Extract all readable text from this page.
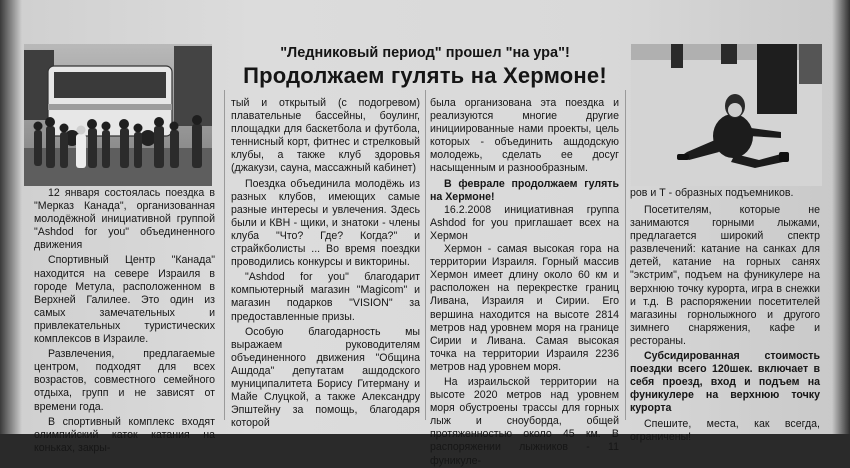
"Ледниковый период" прошел "на ура"!
Продолжаем гулять на Хермоне!

12 января состоялась поездка в "Мерказ Канада", организованная молодёжной инициативной группой "Ashdod for you" объединенного движения

Спортивный Центр "Канада" находится на севере Израиля в городе Метула, расположенном в Верхней Галилее. Это один из самых замечательных и привлекательных туристических комплексов в Израиле.

Развлечения, предлагаемые центром, подходят для всех возрастов, совместного семейного отдыха, групп и не зависят от времени года.

В спортивный комплекс входят олимпийский каток катания на коньках, закры-

тый и открытый (с подогревом) плавательные бассейны, боулинг, площадки для баскетбола и футбола, теннисный корт, фитнес и стрелковый клубы, а также клуб здоровья (джакузи, сауна, массажный кабинет)

Поездка объединила молодёжь из разных клубов, имеющих самые разные интересы и увлечения. Здесь были и КВН - щики, и знатоки - члены клуба "Что? Где? Когда?" и страйкболисты ... Во время поездки проводились конкурсы и викторины.

"Ashdod for you" благодарит компьютерный магазин "Magicom" и магазин подарков "VISION" за предоставленные призы.

Особую благодарность мы выражаем руководителям объединенного движения "Община Ашдода" депутатам ашдодского муниципалитета Борису Гитерману и Майе Слуцкой, а также Александру Эпштейну за помощь, благодаря которой

была организована эта поездка и реализуются многие другие инициированные нами проекты, цель которых - объединить ашдодскую молодежь, сделать ее досуг насыщенным и разнообразным.

В феврале продолжаем гулять на Хермоне!

16.2.2008 инициативная группа Ashdod for you приглашает всех на Хермон

Хермон - самая высокая гора на территории Израиля. Горный массив Хермон имеет длину около 60 км и расположен на перекрестке границ Ливана, Израиля и Сирии. Его вершина находится на высоте 2814 метров над уровнем моря на границе Сирии и Ливана. Самая высокая точка на территории Израиля 2236 метров над уровнем моря.

На израильской территории на высоте 2020 метров над уровнем моря обустроены трассы для горных лыж и сноуборда, общей протяженностью около 45 км. В распоряжении лыжников - 11 фуникуле-

ров и Т - образных подъемников.

Посетителям, которые не занимаются горными лыжами, предлагается широкий спектр развлечений: катание на санках для детей, катание на горных санях "экстрим", подъем на фуникулере на верхнюю точку курорта, игра в снежки и т.д. В распоряжении посетителей магазины горнолыжного и другого зимнего снаряжения, кафе и рестораны.

Субсидированная стоимость поездки всего 120шек. включает в себя проезд, вход и подъем на фуникулере на верхнюю точку курорта

Спешите, места, как всегда, ограничены!
